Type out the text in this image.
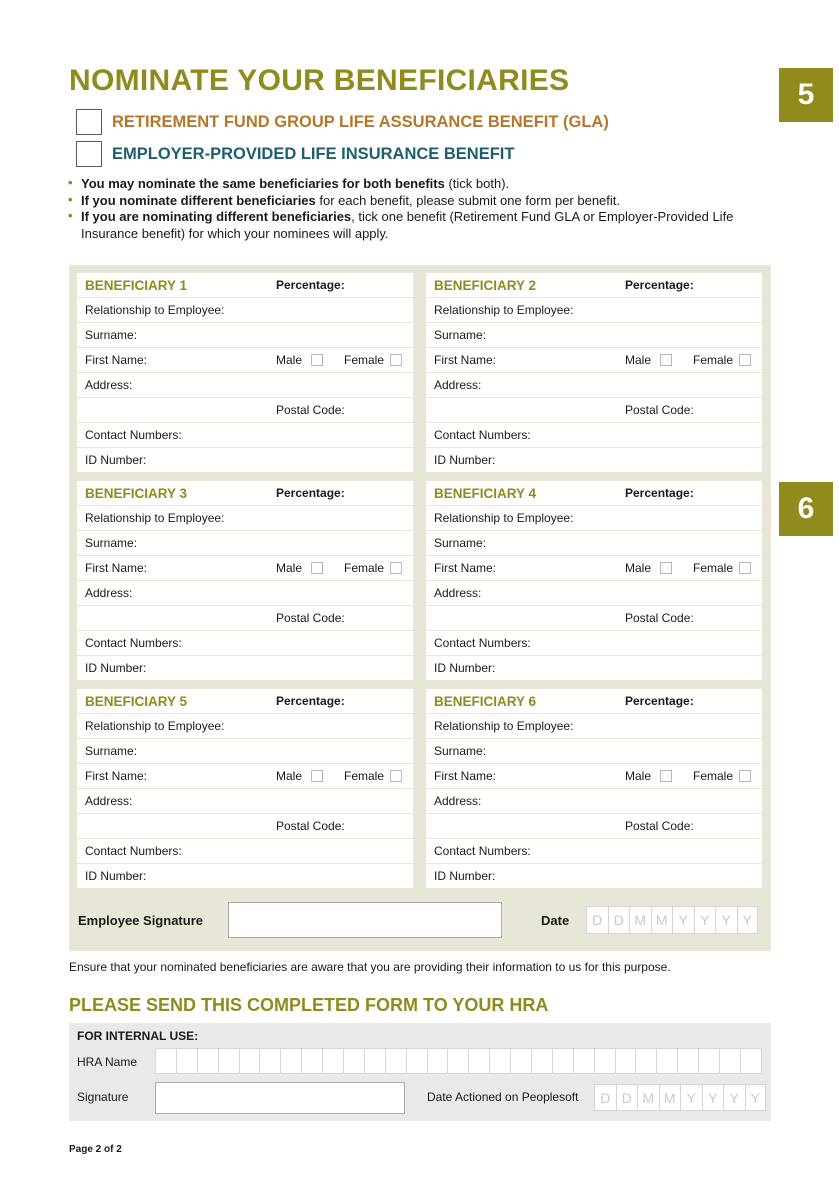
5
6
NOMINATE YOUR BENEFICIARIES
RETIREMENT FUND GROUP LIFE ASSURANCE BENEFIT (GLA)
EMPLOYER-PROVIDED LIFE INSURANCE BENEFIT
• You may nominate the same beneficiaries for both benefits (tick both).
• If you nominate different beneficiaries for each benefit, please submit one form per benefit.
• If you are nominating different beneficiaries, tick one benefit (Retirement Fund GLA or Employer-Provided Life Insurance benefit) for which your nominees will apply.
BENEFICIARY 1	Percentage:
Relationship to Employee:
Surname:
First Name:	Male	Female
Address:
Postal Code:
Contact Numbers:
ID Number:
BENEFICIARY 2	Percentage:
Relationship to Employee:
Surname:
First Name:	Male	Female
Address:
Postal Code:
Contact Numbers:
ID Number:
BENEFICIARY 3	Percentage:
Relationship to Employee:
Surname:
First Name:	Male	Female
Address:
Postal Code:
Contact Numbers:
ID Number:
BENEFICIARY 4	Percentage:
Relationship to Employee:
Surname:
First Name:	Male	Female
Address:
Postal Code:
Contact Numbers:
ID Number:
BENEFICIARY 5	Percentage:
Relationship to Employee:
Surname:
First Name:	Male	Female
Address:
Postal Code:
Contact Numbers:
ID Number:
BENEFICIARY 6	Percentage:
Relationship to Employee:
Surname:
First Name:	Male	Female
Address:
Postal Code:
Contact Numbers:
ID Number:
D D M M Y Y Y Y
Employee Signature	Date
Ensure that your nominated beneficiaries are aware that you are providing their information to us for this purpose.
PLEASE SEND THIS COMPLETED FORM TO YOUR HRA
FOR INTERNAL USE:
HRA Name
Signature	Date Actioned on Peoplesoft	D D M M Y Y Y Y
Page 2 of 2
